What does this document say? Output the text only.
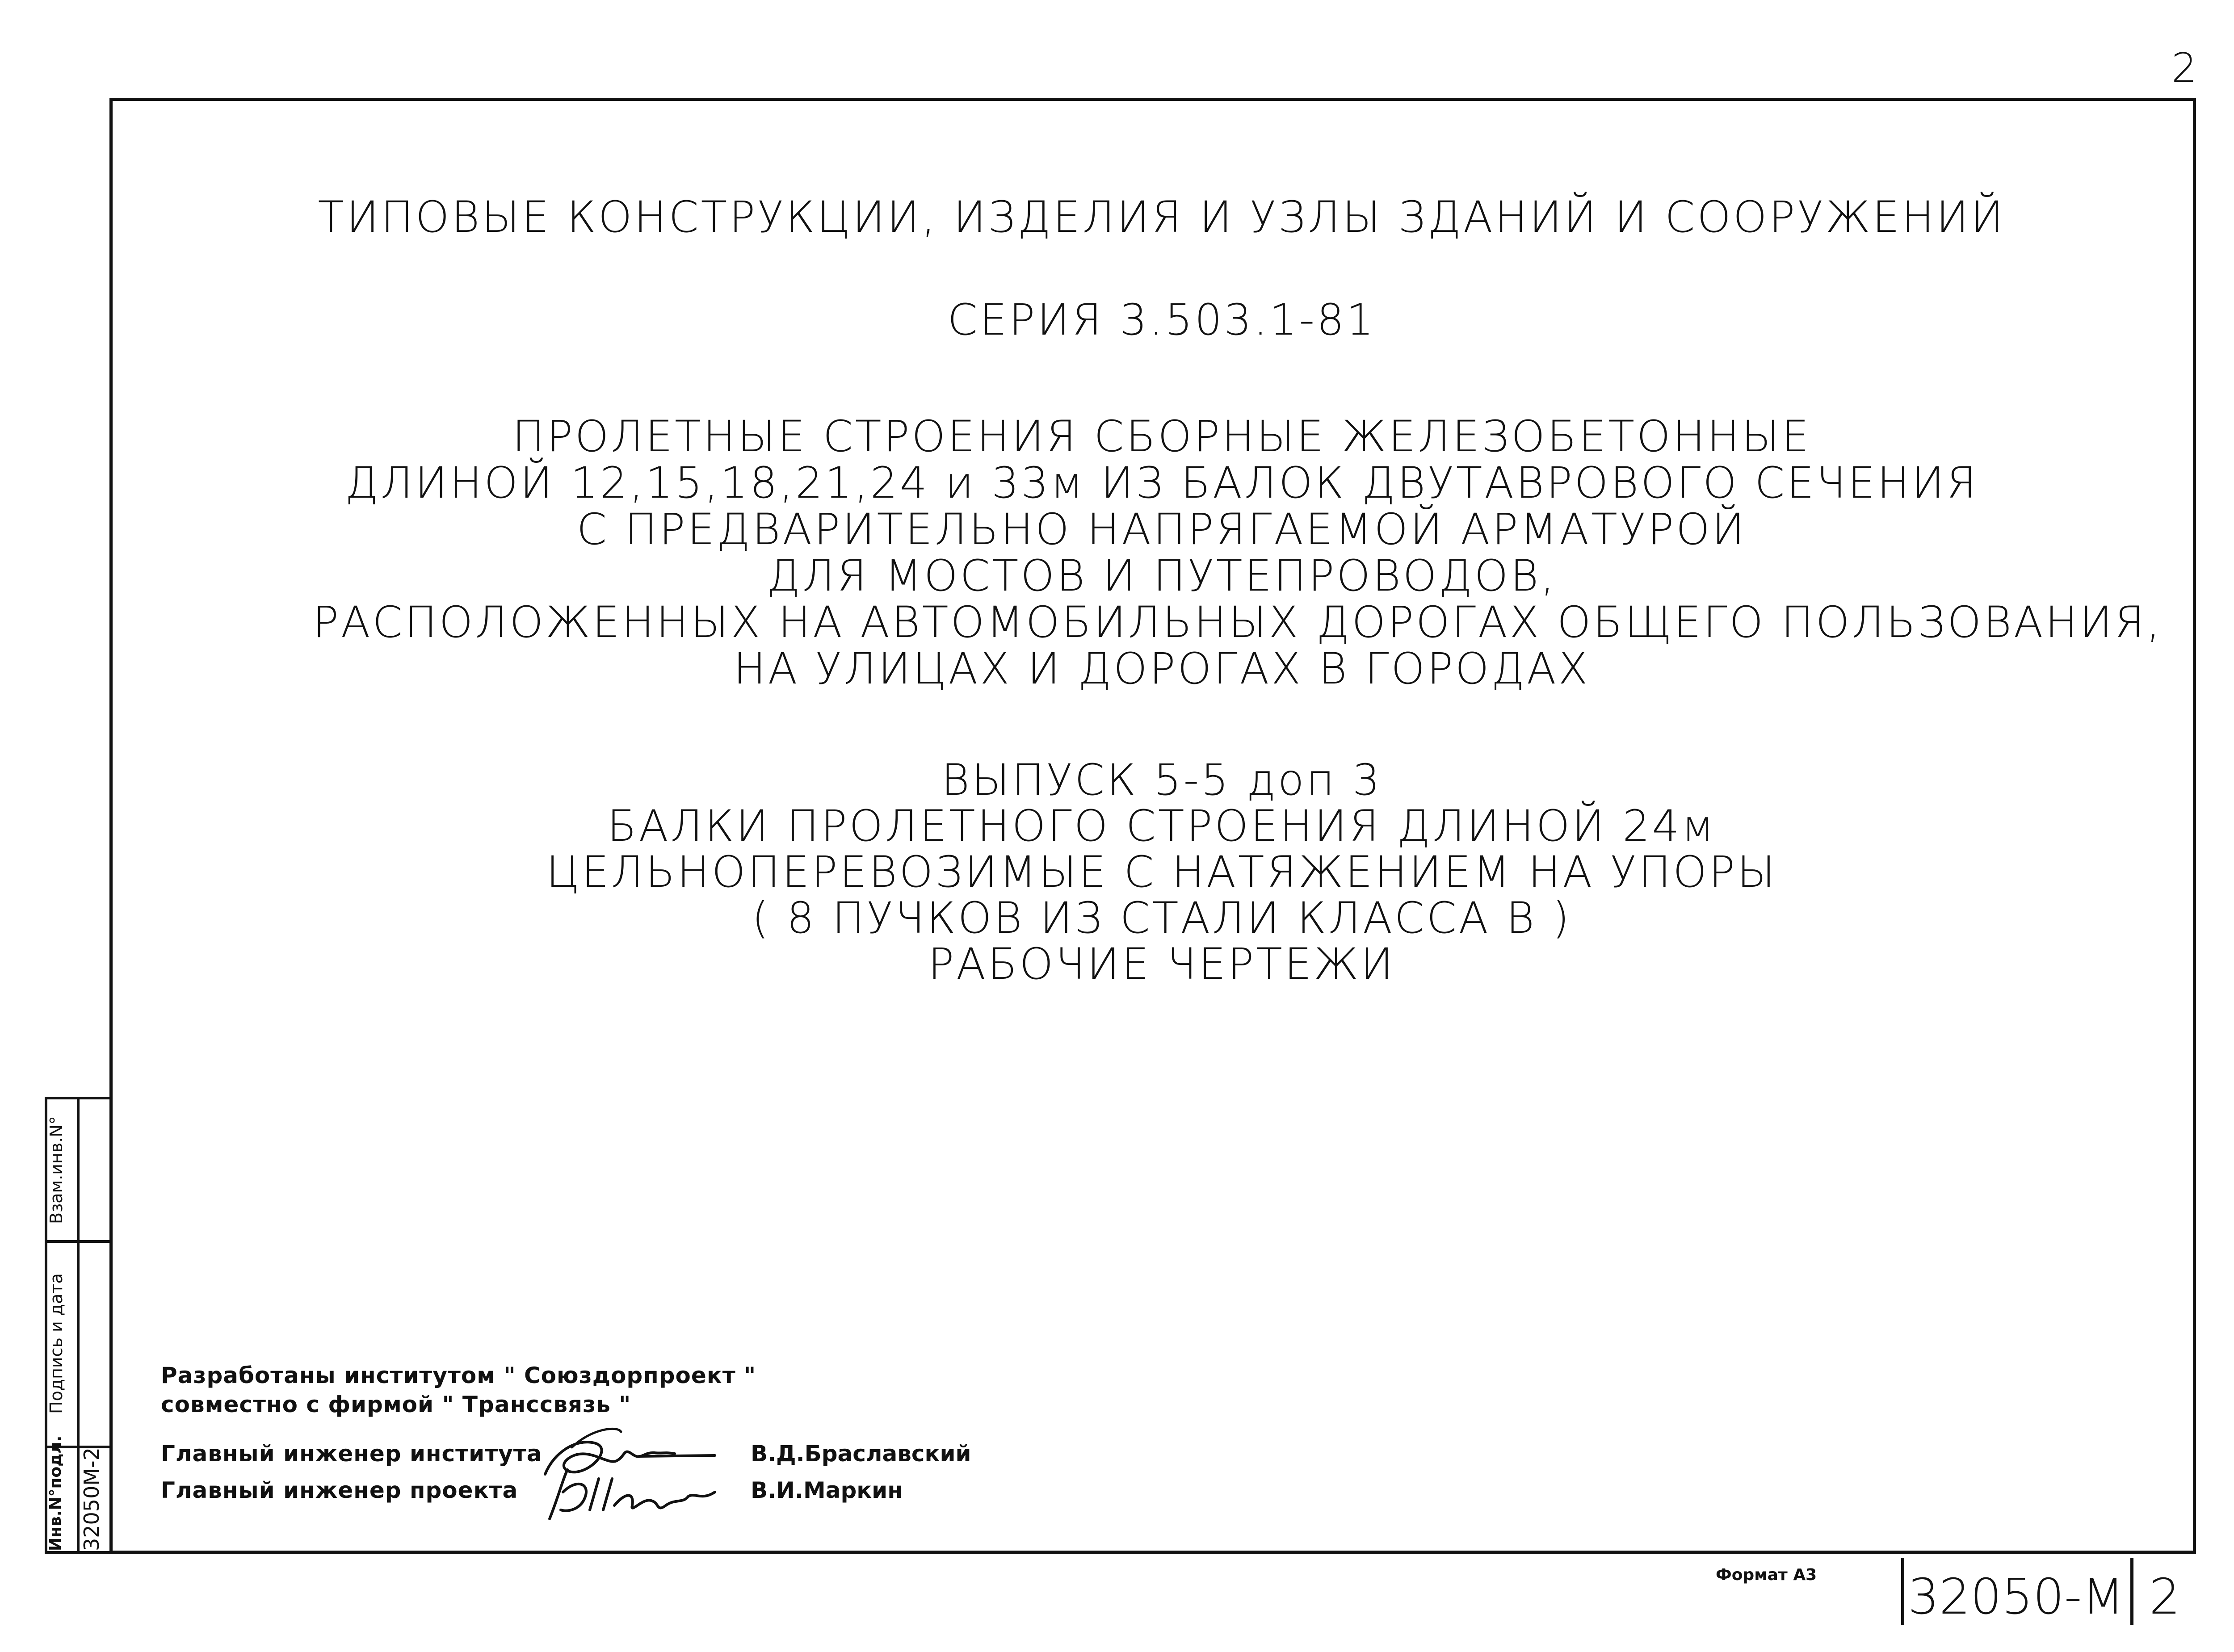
2
ТИПОВЫЕ КОНСТРУКЦИИ, ИЗДЕЛИЯ И УЗЛЫ ЗДАНИЙ И СООРУЖЕНИЙ
СЕРИЯ 3.503.1-81
ПРОЛЕТНЫЕ СТРОЕНИЯ СБОРНЫЕ ЖЕЛЕЗОБЕТОННЫЕ
ДЛИНОЙ 12,15,18,21,24 и 33м ИЗ БАЛОК ДВУТАВРОВОГО СЕЧЕНИЯ
С ПРЕДВАРИТЕЛЬНО НАПРЯГАЕМОЙ АРМАТУРОЙ
ДЛЯ МОСТОВ И ПУТЕПРОВОДОВ,
РАСПОЛОЖЕННЫХ НА АВТОМОБИЛЬНЫХ ДОРОГАХ ОБЩЕГО ПОЛЬЗОВАНИЯ,
НА УЛИЦАХ И ДОРОГАХ В ГОРОДАХ
ВЫПУСК 5-5 доп 3
БАЛКИ ПРОЛЕТНОГО СТРОЕНИЯ ДЛИНОЙ 24м
ЦЕЛЬНОПЕРЕВОЗИМЫЕ С НАТЯЖЕНИЕМ НА УПОРЫ
( 8 ПУЧКОВ ИЗ СТАЛИ КЛАССА В )
РАБОЧИЕ ЧЕРТЕЖИ
Инв.N°подл.
Подпись и дата
Взам.инв.N°
32050М-2
Разработаны институтом " Союздорпроект "
совместно с фирмой " Транссвязь "
Главный инженер института
Главный инженер проекта
В.Д.Браславский
В.И.Маркин
Формат А3 32050-М 2
